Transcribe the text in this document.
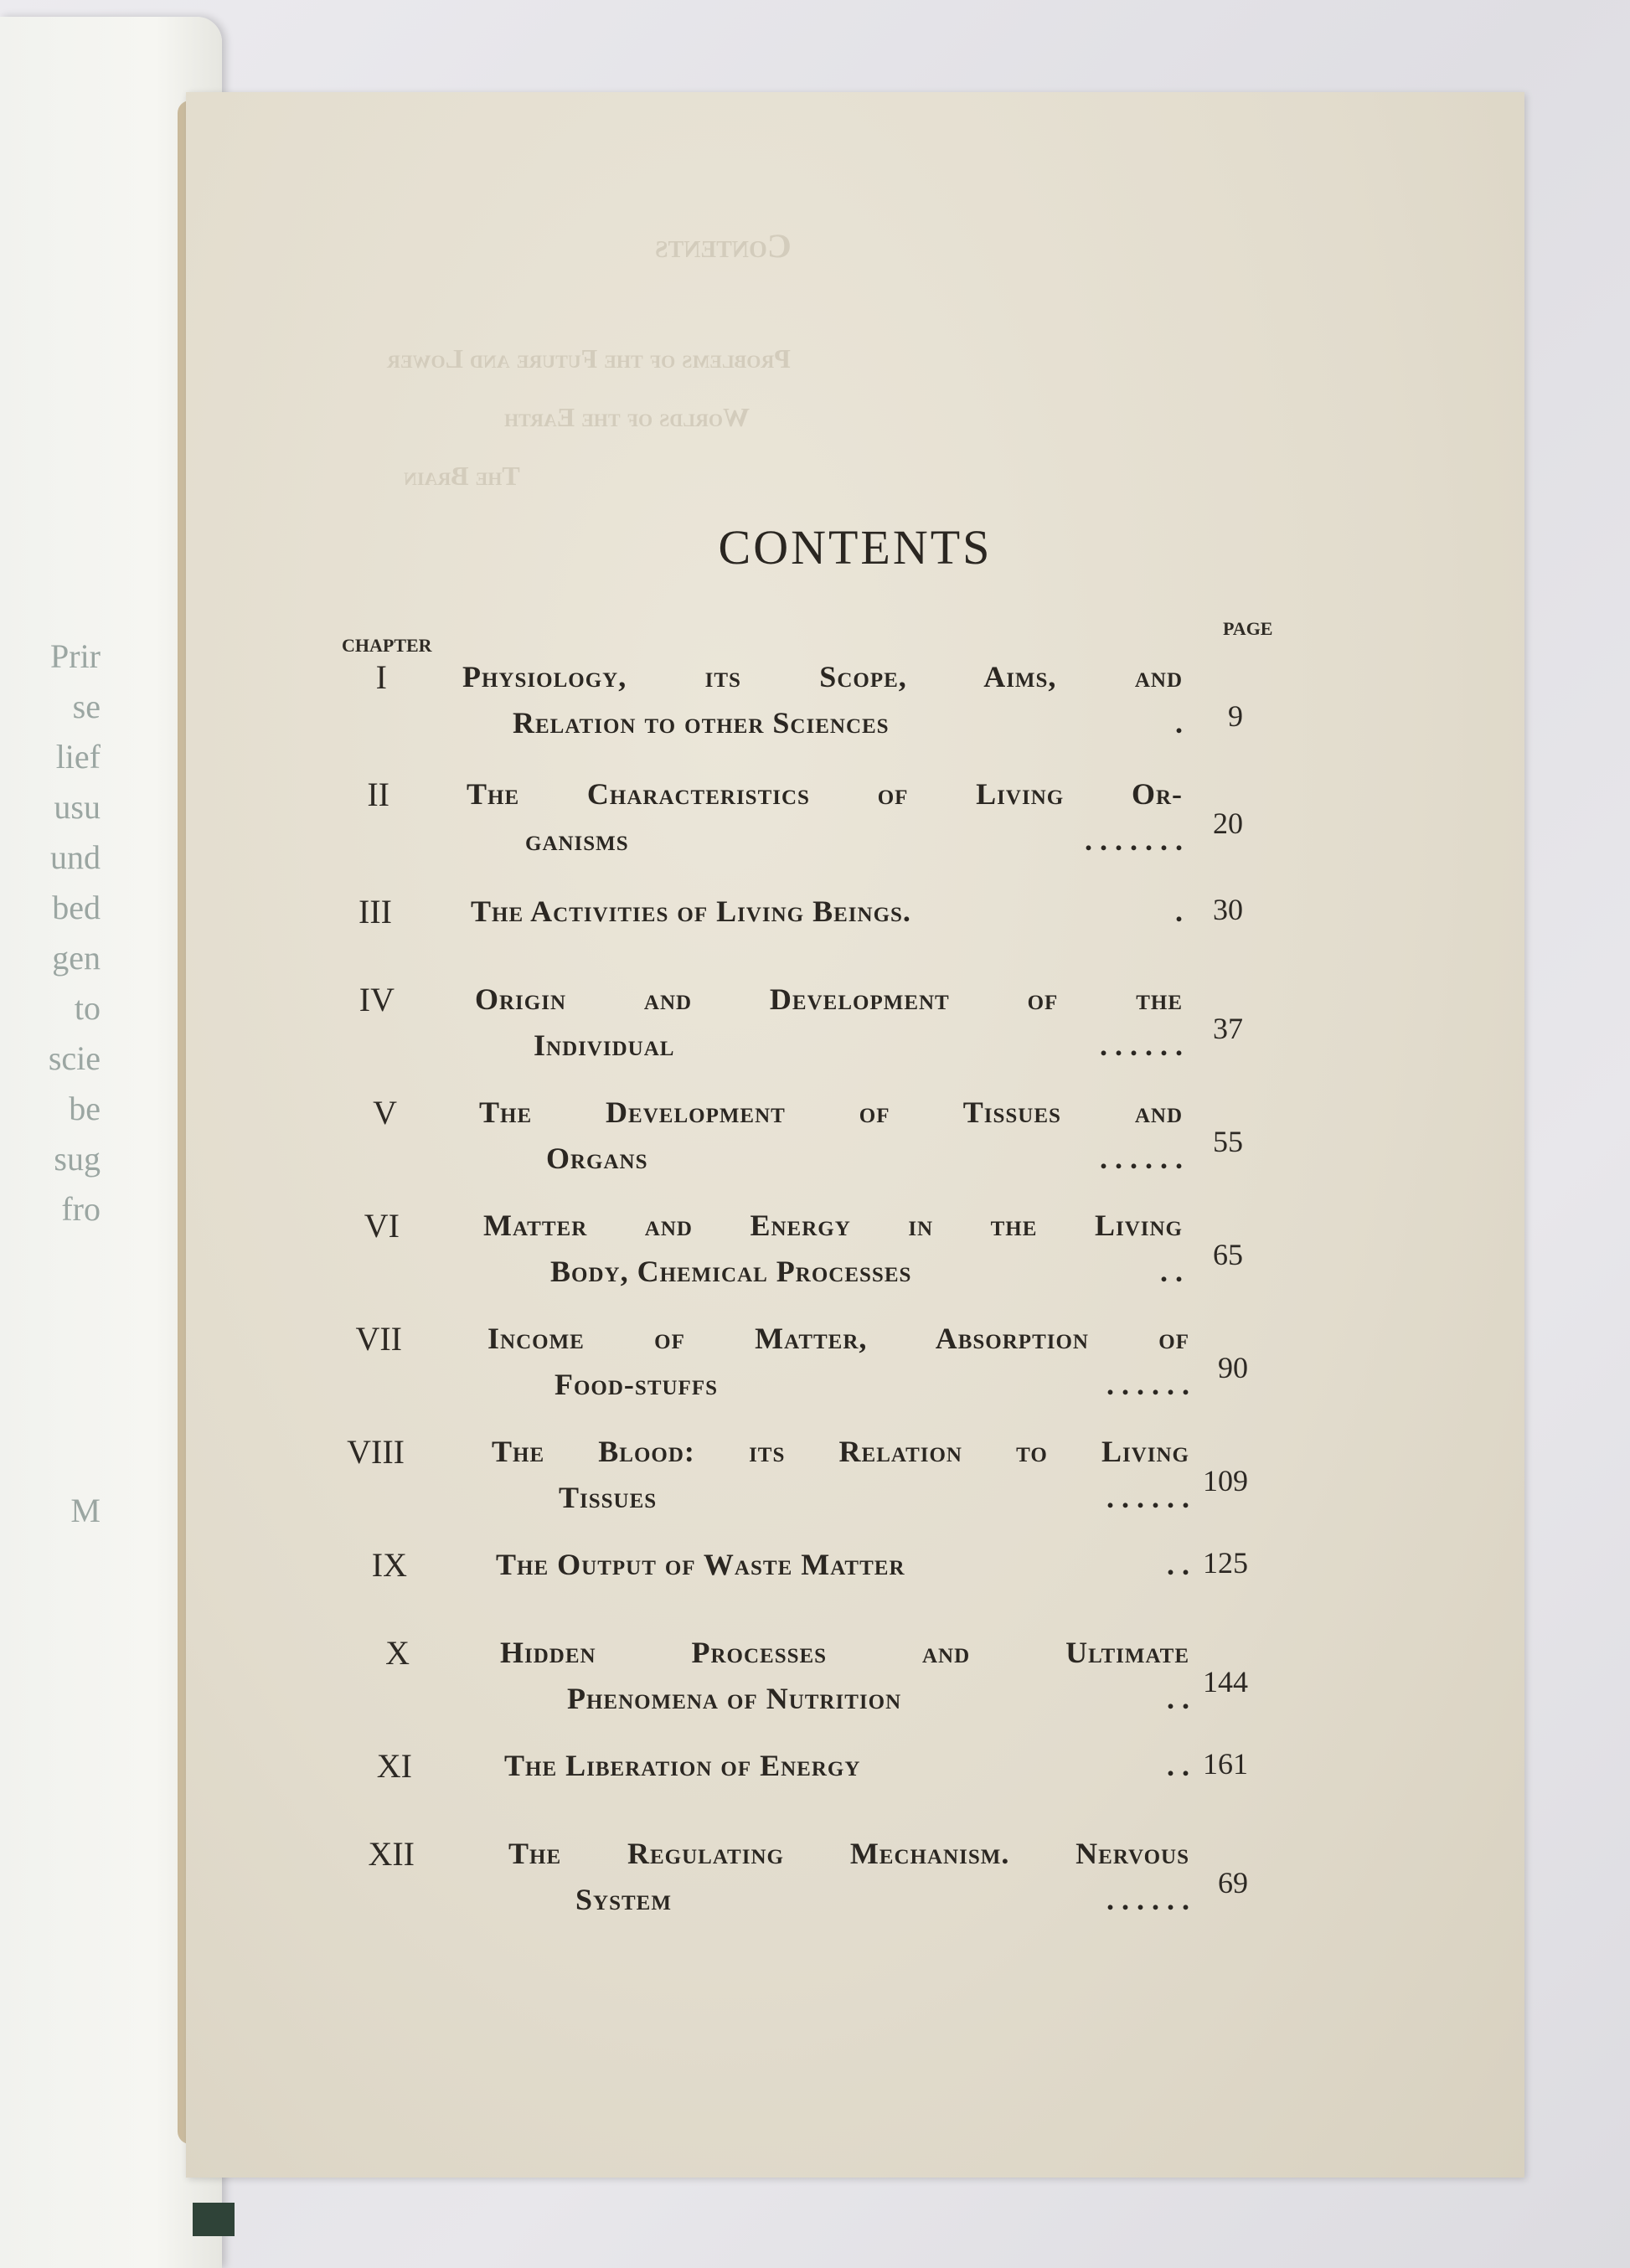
Prir
se
lief
usu
und
bed
gen
to
scie
be
sug
fro
M
Contents
Problems of the Future and Lower
Worlds of the Earth
The Brain
CONTENTS
CHAPTER
PAGE
I	Physiology, its Scope, Aims, and
Relation to other Sciences	.	9
II	The Characteristics of Living Or-
ganisms	. . . . . . .	20
III	The Activities of Living Beings.	.	30
IV	Origin and Development of the
Individual	. . . . . .	37
V	The Development of Tissues and
Organs	. . . . . .	55
VI	Matter and Energy in the Living
Body, Chemical Processes	. .	65
VII	Income of Matter, Absorption of
Food-stuffs	. . . . . . 90
VIII	The Blood: its Relation to Living
Tissues	. . . . . . 109
IX	The Output of Waste Matter	. . 125
X	Hidden Processes and Ultimate
Phenomena of Nutrition	. . 144
XI	The Liberation of Energy	. . 161
XII	The Regulating Mechanism. Nervous
System	. . . . . . 69
